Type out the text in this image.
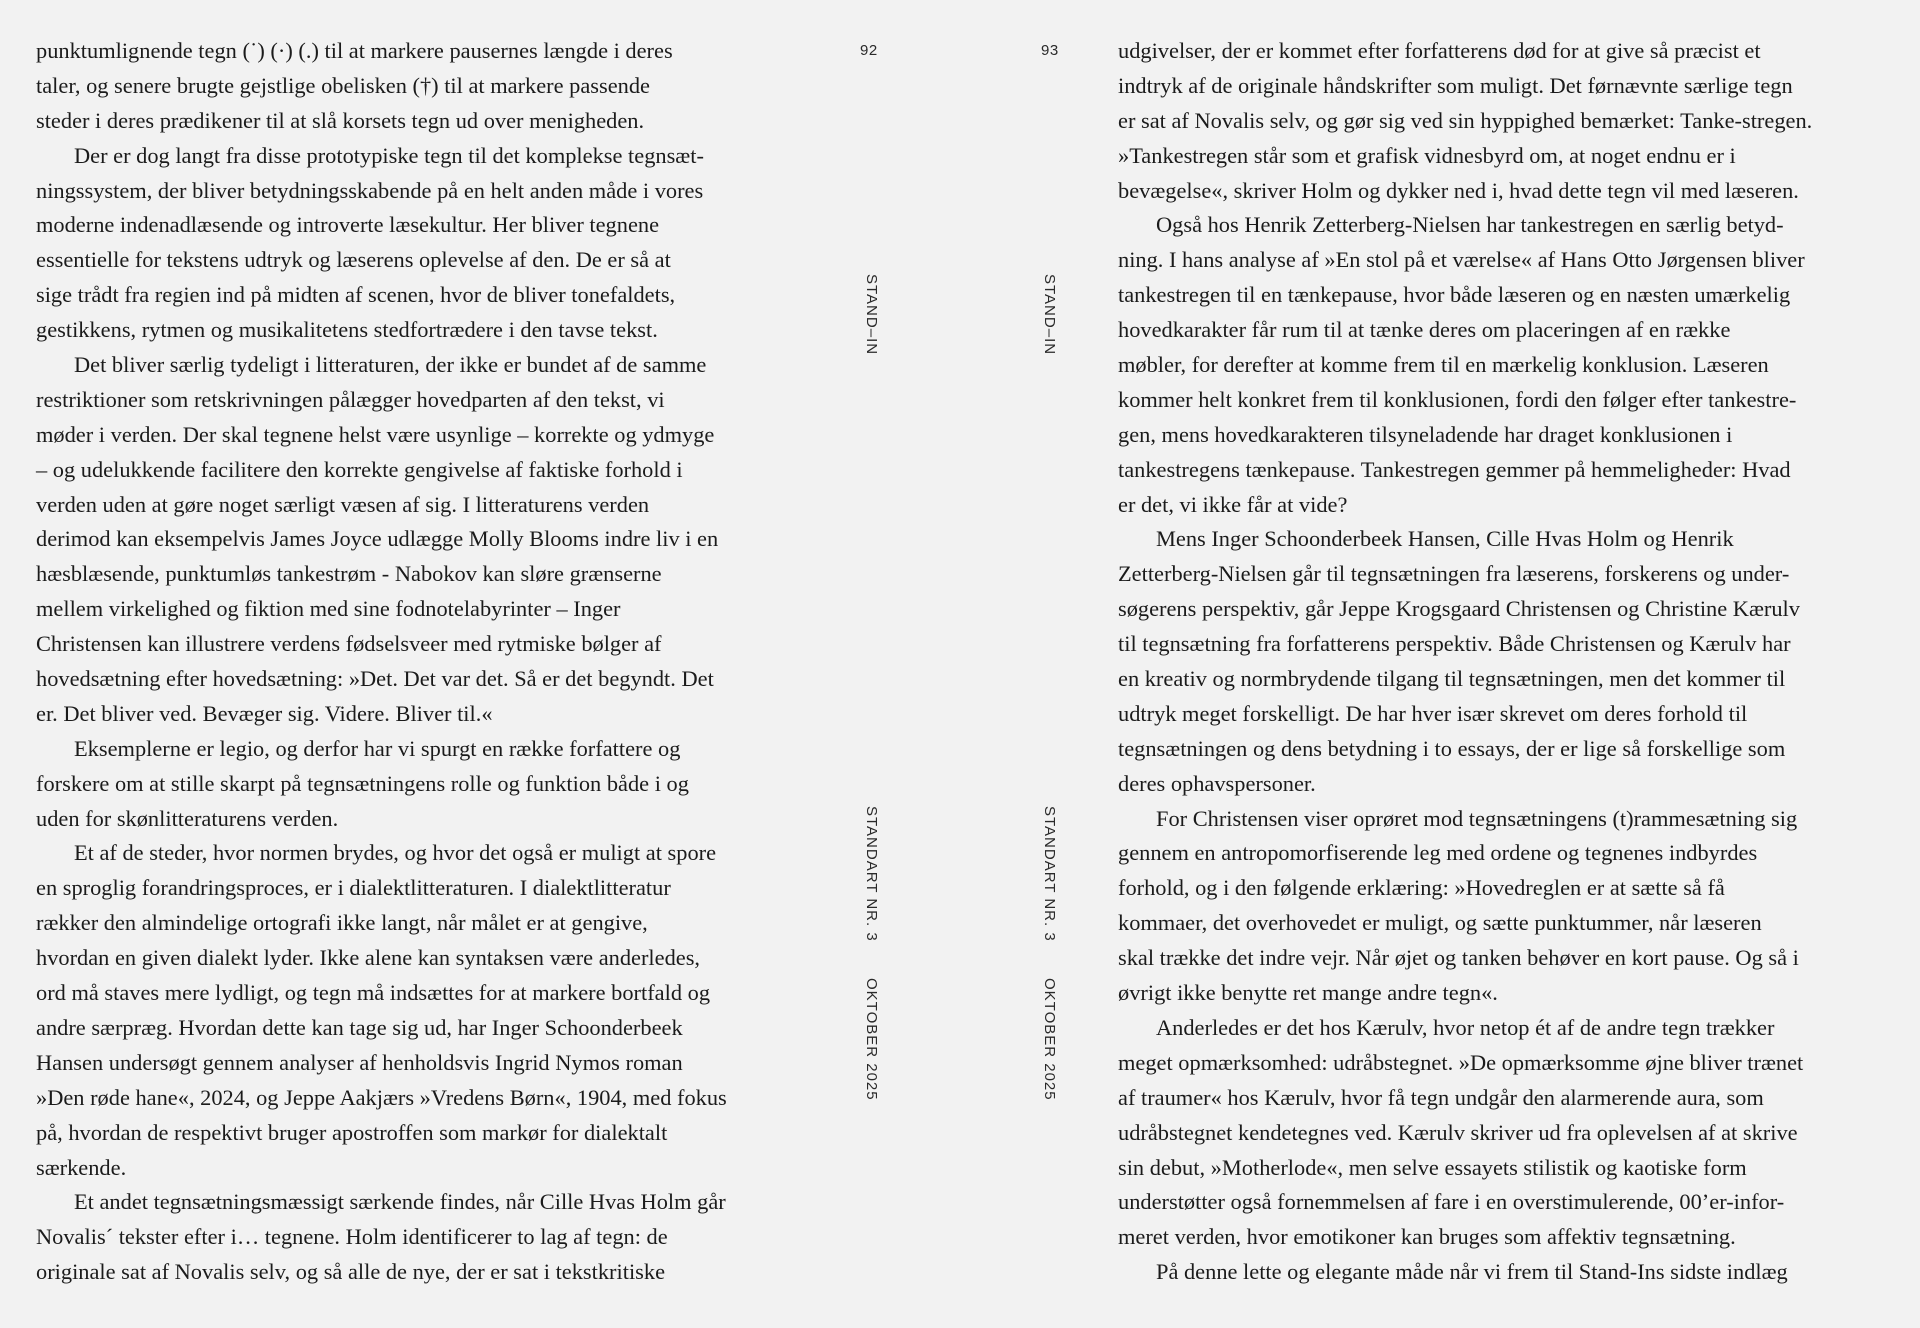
punktumlignende tegn (˙) (·) (.) til at markere pausernes længde i deres
taler, og senere brugte gejstlige obelisken (†) til at markere passende
steder i deres prædikener til at slå korsets tegn ud over menigheden.
Der er dog langt fra disse prototypiske tegn til det komplekse tegnsæt-
ningssystem, der bliver betydningsskabende på en helt anden måde i vores
moderne indenadlæsende og introverte læsekultur. Her bliver tegnene
essentielle for tekstens udtryk og læserens oplevelse af den. De er så at
sige trådt fra regien ind på midten af scenen, hvor de bliver tonefaldets,
gestikkens, rytmen og musikalitetens stedfortrædere i den tavse tekst.
Det bliver særlig tydeligt i litteraturen, der ikke er bundet af de samme
restriktioner som retskrivningen pålægger hovedparten af den tekst, vi
møder i verden. Der skal tegnene helst være usynlige – korrekte og ydmyge
– og udelukkende facilitere den korrekte gengivelse af faktiske forhold i
verden uden at gøre noget særligt væsen af sig. I litteraturens verden
derimod kan eksempelvis James Joyce udlægge Molly Blooms indre liv i en
hæsblæsende, punktumløs tankestrøm - Nabokov kan sløre grænserne
mellem virkelighed og fiktion med sine fodnotelabyrinter – Inger
Christensen kan illustrere verdens fødselsveer med rytmiske bølger af
hovedsætning efter hovedsætning: »Det. Det var det. Så er det begyndt. Det
er. Det bliver ved. Bevæger sig. Videre. Bliver til.«
Eksemplerne er legio, og derfor har vi spurgt en række forfattere og
forskere om at stille skarpt på tegnsætningens rolle og funktion både i og
uden for skønlitteraturens verden.
Et af de steder, hvor normen brydes, og hvor det også er muligt at spore
en sproglig forandringsproces, er i dialektlitteraturen. I dialektlitteratur
rækker den almindelige ortografi ikke langt, når målet er at gengive,
hvordan en given dialekt lyder. Ikke alene kan syntaksen være anderledes,
ord må staves mere lydligt, og tegn må indsættes for at markere bortfald og
andre særpræg. Hvordan dette kan tage sig ud, har Inger Schoonderbeek
Hansen undersøgt gennem analyser af henholdsvis Ingrid Nymos roman
»Den røde hane«, 2024, og Jeppe Aakjærs »Vredens Børn«, 1904, med fokus
på, hvordan de respektivt bruger apostroffen som markør for dialektalt
særkende.
Et andet tegnsætningsmæssigt særkende findes, når Cille Hvas Holm går
Novalis´ tekster efter i… tegnene. Holm identificerer to lag af tegn: de
originale sat af Novalis selv, og så alle de nye, der er sat i tekstkritiske
92
STAND–IN
STANDART NR. 3
OKTOBER 2025
93
STAND–IN
STANDART NR. 3
OKTOBER 2025
udgivelser, der er kommet efter forfatterens død for at give så præcist et
indtryk af de originale håndskrifter som muligt. Det førnævnte særlige tegn
er sat af Novalis selv, og gør sig ved sin hyppighed bemærket: Tanke-stregen.
»Tankestregen står som et grafisk vidnesbyrd om, at noget endnu er i
bevægelse«, skriver Holm og dykker ned i, hvad dette tegn vil med læseren.
Også hos Henrik Zetterberg-Nielsen har tankestregen en særlig betyd-
ning. I hans analyse af »En stol på et værelse« af Hans Otto Jørgensen bliver
tankestregen til en tænkepause, hvor både læseren og en næsten umærkelig
hovedkarakter får rum til at tænke deres om placeringen af en række
møbler, for derefter at komme frem til en mærkelig konklusion. Læseren
kommer helt konkret frem til konklusionen, fordi den følger efter tankestre-
gen, mens hovedkarakteren tilsyneladende har draget konklusionen i
tankestregens tænkepause. Tankestregen gemmer på hemmeligheder: Hvad
er det, vi ikke får at vide?
Mens Inger Schoonderbeek Hansen, Cille Hvas Holm og Henrik
Zetterberg-Nielsen går til tegnsætningen fra læserens, forskerens og under-
søgerens perspektiv, går Jeppe Krogsgaard Christensen og Christine Kærulv
til tegnsætning fra forfatterens perspektiv. Både Christensen og Kærulv har
en kreativ og normbrydende tilgang til tegnsætningen, men det kommer til
udtryk meget forskelligt. De har hver især skrevet om deres forhold til
tegnsætningen og dens betydning i to essays, der er lige så forskellige som
deres ophavspersoner.
For Christensen viser oprøret mod tegnsætningens (t)rammesætning sig
gennem en antropomorfiserende leg med ordene og tegnenes indbyrdes
forhold, og i den følgende erklæring: »Hovedreglen er at sætte så få
kommaer, det overhovedet er muligt, og sætte punktummer, når læseren
skal trække det indre vejr. Når øjet og tanken behøver en kort pause. Og så i
øvrigt ikke benytte ret mange andre tegn«.
Anderledes er det hos Kærulv, hvor netop ét af de andre tegn trækker
meget opmærksomhed: udråbstegnet. »De opmærksomme øjne bliver trænet
af traumer« hos Kærulv, hvor få tegn undgår den alarmerende aura, som
udråbstegnet kendetegnes ved. Kærulv skriver ud fra oplevelsen af at skrive
sin debut, »Motherlode«, men selve essayets stilistik og kaotiske form
understøtter også fornemmelsen af fare i en overstimulerende, 00’er-infor-
meret verden, hvor emotikoner kan bruges som affektiv tegnsætning.
På denne lette og elegante måde når vi frem til Stand-Ins sidste indlæg
